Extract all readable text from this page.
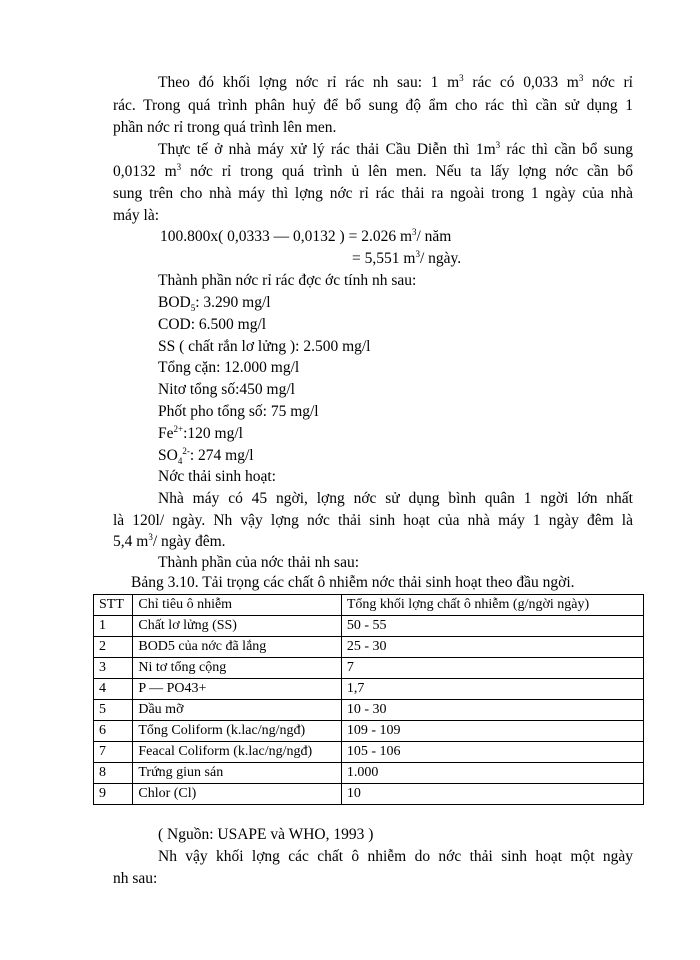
Theo đó khối lợng nớc rỉ rác nh sau: 1 $m^3$ rác có 0,033 $m^3$ nớc rỉ
rác. Trong quá trình phân huỷ để bổ sung độ ẩm cho rác thì cần sử dụng 1
phần nớc rỉ trong quá trình lên men.
Thực tế ở nhà máy xử lý rác thải Cầu Diễn thì $1m^3$ rác thì cần bổ sung
0,0132 $m^3$ nớc rỉ trong quá trình ủ lên men. Nếu ta lấy lợng nớc cần bổ
sung trên cho nhà máy thì lợng nớc rỉ rác thải ra ngoài trong 1 ngày của nhà
máy là:
100.800x( 0,0333 — 0,0132 ) = 2.026 $m^3/$ năm
= 5,551 $m^3/$ ngày.
Thành phần nớc rỉ rác đợc ớc tính nh sau:
$BOD_5$: 3.290 mg/l
COD: 6.500 mg/l
SS ( chất rắn lơ lửng ): 2.500 mg/l
Tổng cặn: 12.000 mg/l
Nitơ tổng số:450 mg/l
Phốt pho tổng số: 75 mg/l
$Fe^{2+}:120$ mg/l
$SO_4^{2-}$: 274 mg/l
Nớc thải sinh hoạt:
Nhà máy có 45 ngời, lợng nớc sử dụng bình quân 1 ngời lớn nhất
là 120l/ ngày. Nh vậy lợng nớc thải sinh hoạt của nhà máy 1 ngày đêm là
5,4 $m^3/$ ngày đêm.
Thành phần của nớc thải nh sau:
Bảng 3.10. Tải trọng các chất ô nhiễm nớc thải sinh hoạt theo đầu ngời.
STT	Chỉ tiêu ô nhiễm	Tổng khối lợng chất ô nhiễm (g/ngời ngày)
1	Chất lơ lửng (SS)	50 - 55
2	BOD5 của nớc đã lắng	25 - 30
3	Ni tơ tổng cộng	7
4	P — PO43+	1,7
5	Dầu mỡ	10 - 30
6	Tổng Coliform (k.lac/ng/ngđ)	109 - 109
7	Feacal Coliform (k.lac/ng/ngđ)	105 - 106
8	Trứng giun sán	1.000
9	Chlor (Cl)	10
( Nguồn: USAPE và WHO, 1993 )
Nh vậy khối lợng các chất ô nhiễm do nớc thải sinh hoạt một ngày
nh sau:
